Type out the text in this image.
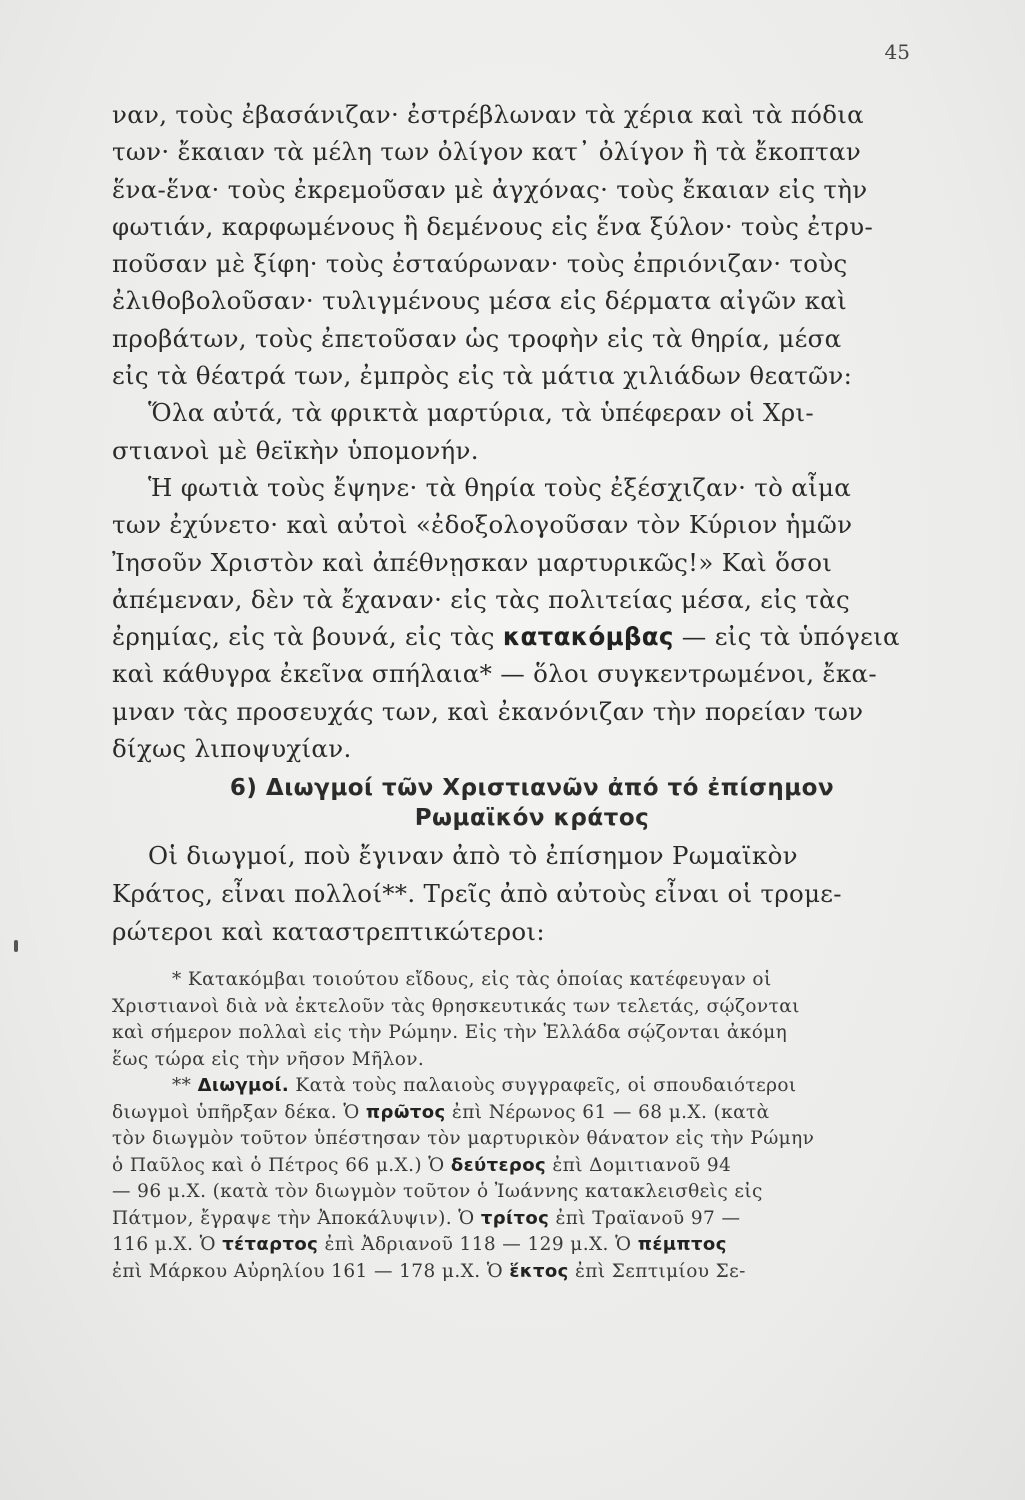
45
ναν, τοὺς ἐβασάνιζαν· ἐστρέβλωναν τὰ χέρια καὶ τὰ πόδια
των· ἔκαιαν τὰ μέλη των ὀλίγον κατ᾽ ὀλίγον ἢ τὰ ἔκοπταν
ἕνα-ἕνα· τοὺς ἐκρεμοῦσαν μὲ ἀγχόνας· τοὺς ἔκαιαν εἰς τὴν
φωτιάν, καρφωμένους ἢ δεμένους εἰς ἕνα ξύλον· τοὺς ἐτρυ-
ποῦσαν μὲ ξίφη· τοὺς ἐσταύρωναν· τοὺς ἐπριόνιζαν· τοὺς
ἐλιθοβολοῦσαν· τυλιγμένους μέσα εἰς δέρματα αἰγῶν καὶ
προβάτων, τοὺς ἐπετοῦσαν ὡς τροφὴν εἰς τὰ θηρία, μέσα
εἰς τὰ θέατρά των, ἐμπρὸς εἰς τὰ μάτια χιλιάδων θεατῶν:
Ὅλα αὐτά, τὰ φρικτὰ μαρτύρια, τὰ ὑπέφεραν οἱ Χρι-
στιανοὶ μὲ θεϊκὴν ὑπομονήν.
Ἡ φωτιὰ τοὺς ἔψηνε· τὰ θηρία τοὺς ἐξέσχιζαν· τὸ αἷμα
των ἐχύνετο· καὶ αὐτοὶ «ἐδοξολογοῦσαν τὸν Κύριον ἡμῶν
Ἰησοῦν Χριστὸν καὶ ἀπέθνῃσκαν μαρτυρικῶς!» Καὶ ὅσοι
ἀπέμεναν, δὲν τὰ ἔχαναν· εἰς τὰς πολιτείας μέσα, εἰς τὰς
ἐρημίας, εἰς τὰ βουνά, εἰς τὰς κατακόμβας — εἰς τὰ ὑπόγεια
καὶ κάθυγρα ἐκεῖνα σπήλαια* — ὅλοι συγκεντρωμένοι, ἔκα-
μναν τὰς προσευχάς των, καὶ ἐκανόνιζαν τὴν πορείαν των
δίχως λιποψυχίαν.
6) Διωγμοί τῶν Χριστιανῶν ἀπό τό ἐπίσημον
Ρωμαϊκόν κράτος
Οἱ διωγμοί, ποὺ ἔγιναν ἀπὸ τὸ ἐπίσημον Ρωμαϊκὸν
Κράτος, εἶναι πολλοί**. Τρεῖς ἀπὸ αὐτοὺς εἶναι οἱ τρομε-
ρώτεροι καὶ καταστρεπτικώτεροι:
* Κατακόμβαι τοιούτου εἴδους, εἰς τὰς ὁποίας κατέφευγαν οἱ
Χριστιανοὶ διὰ νὰ ἐκτελοῦν τὰς θρησκευτικάς των τελετάς, σῴζονται
καὶ σήμερον πολλαὶ εἰς τὴν Ρώμην. Εἰς τὴν Ἑλλάδα σῴζονται ἀκόμη
ἕως τώρα εἰς τὴν νῆσον Μῆλον.
** Διωγμοί. Κατὰ τοὺς παλαιοὺς συγγραφεῖς, οἱ σπουδαιότεροι
διωγμοὶ ὑπῆρξαν δέκα. Ὁ πρῶτος ἐπὶ Νέρωνος 61 — 68 μ.Χ. (κατὰ
τὸν διωγμὸν τοῦτον ὑπέστησαν τὸν μαρτυρικὸν θάνατον εἰς τὴν Ρώμην
ὁ Παῦλος καὶ ὁ Πέτρος 66 μ.Χ.) Ὁ δεύτερος ἐπὶ Δομιτιανοῦ 94
— 96 μ.Χ. (κατὰ τὸν διωγμὸν τοῦτον ὁ Ἰωάννης κατακλεισθεὶς εἰς
Πάτμον, ἔγραψε τὴν Ἀποκάλυψιν). Ὁ τρίτος ἐπὶ Τραϊανοῦ 97 —
116 μ.Χ. Ὁ τέταρτος ἐπὶ Ἀδριανοῦ 118 — 129 μ.Χ. Ὁ πέμπτος
ἐπὶ Μάρκου Αὐρηλίου 161 — 178 μ.Χ. Ὁ ἕκτος ἐπὶ Σεπτιμίου Σε-
